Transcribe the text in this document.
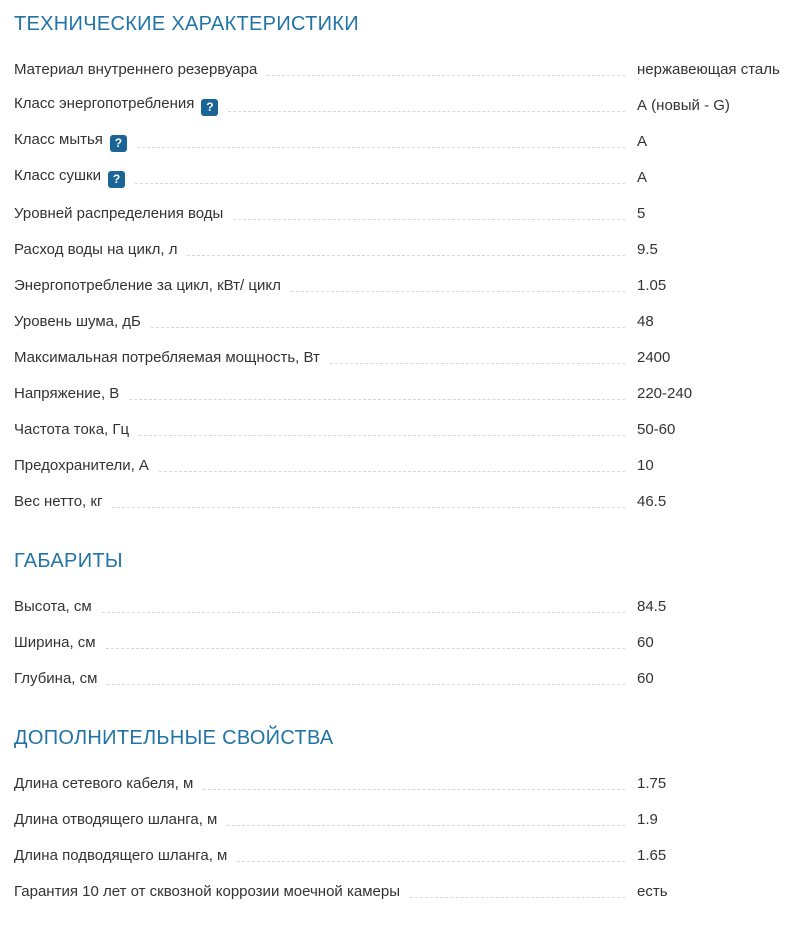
ТЕХНИЧЕСКИЕ ХАРАКТЕРИСТИКИ
Материал внутреннего резервуара	нержавеющая сталь
Класс энергопотребления ?	А (новый - G)
Класс мытья ?	А
Класс сушки ?	А
Уровней распределения воды	5
Расход воды на цикл, л	9.5
Энергопотребление за цикл, кВт/ цикл	1.05
Уровень шума, дБ	48
Максимальная потребляемая мощность, Вт	2400
Напряжение, В	220-240
Частота тока, Гц	50-60
Предохранители, А	10
Вес нетто, кг	46.5
ГАБАРИТЫ
Высота, см	84.5
Ширина, см	60
Глубина, см	60
ДОПОЛНИТЕЛЬНЫЕ СВОЙСТВА
Длина сетевого кабеля, м	1.75
Длина отводящего шланга, м	1.9
Длина подводящего шланга, м	1.65
Гарантия 10 лет от сквозной коррозии моечной камеры	есть
